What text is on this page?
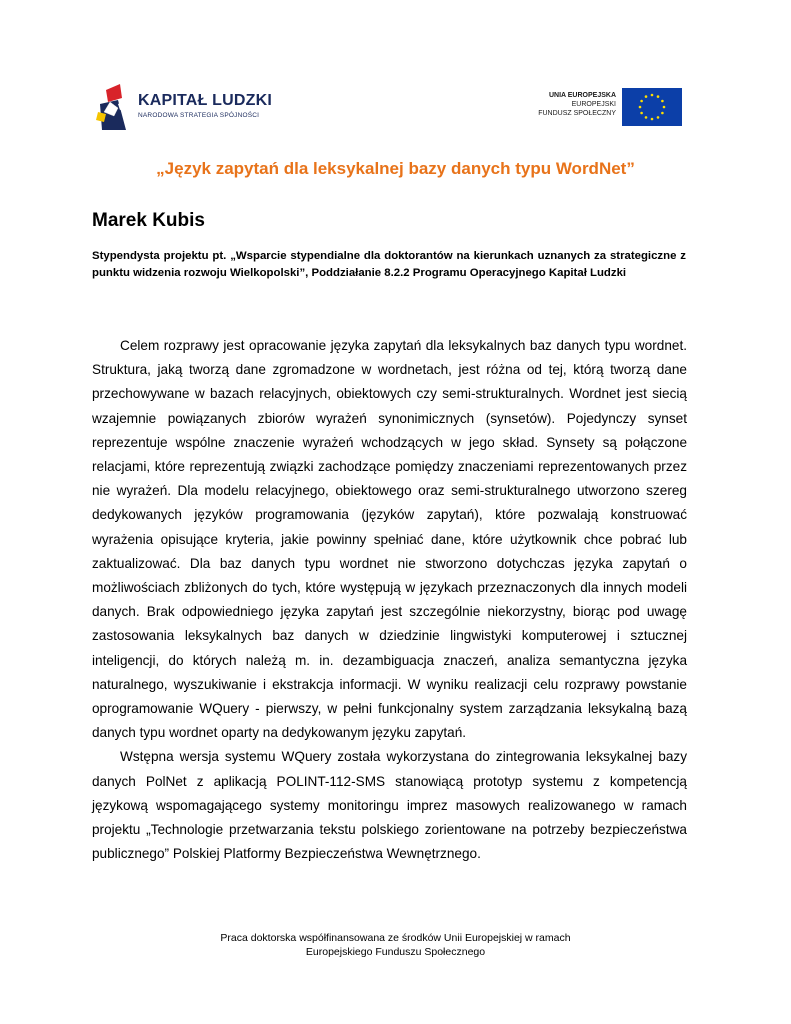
KAPITAŁ LUDZKI
NARODOWA STRATEGIA SPÓJNOŚCI
UNIA EUROPEJSKA
EUROPEJSKI
FUNDUSZ SPOŁECZNY
„Język zapytań dla leksykalnej bazy danych typu WordNet”
Marek Kubis
Stypendysta projektu pt. „Wsparcie stypendialne dla doktorantów na kierunkach uznanych za strategiczne z punktu widzenia rozwoju Wielkopolski”, Poddziałanie 8.2.2 Programu Operacyjnego Kapitał Ludzki

Celem rozprawy jest opracowanie języka zapytań dla leksykalnych baz danych typu wordnet. Struktura, jaką tworzą dane zgromadzone w wordnetach, jest różna od tej, którą tworzą dane przechowywane w bazach relacyjnych, obiektowych czy semi-strukturalnych. Wordnet jest siecią wzajemnie powiązanych zbiorów wyrażeń synonimicznych (synsetów). Pojedynczy synset reprezentuje wspólne znaczenie wyrażeń wchodzących w jego skład. Synsety są połączone relacjami, które reprezentują związki zachodzące pomiędzy znaczeniami reprezentowanych przez nie wyrażeń. Dla modelu relacyjnego, obiektowego oraz semi-strukturalnego utworzono szereg dedykowanych języków programowania (języków zapytań), które pozwalają konstruować wyrażenia opisujące kryteria, jakie powinny spełniać dane, które użytkownik chce pobrać lub zaktualizować. Dla baz danych typu wordnet nie stworzono dotychczas języka zapytań o możliwościach zbliżonych do tych, które występują w językach przeznaczonych dla innych modeli danych. Brak odpowiedniego języka zapytań jest szczególnie niekorzystny, biorąc pod uwagę zastosowania leksykalnych baz danych w dziedzinie lingwistyki komputerowej i sztucznej inteligencji, do których należą m. in. dezambiguacja znaczeń, analiza semantyczna języka naturalnego, wyszukiwanie i ekstrakcja informacji. W wyniku realizacji celu rozprawy powstanie oprogramowanie WQuery - pierwszy, w pełni funkcjonalny system zarządzania leksykalną bazą danych typu wordnet oparty na dedykowanym języku zapytań.

Wstępna wersja systemu WQuery została wykorzystana do zintegrowania leksykalnej bazy danych PolNet z aplikacją POLINT-112-SMS stanowiącą prototyp systemu z kompetencją językową wspomagającego systemy monitoringu imprez masowych realizowanego w ramach projektu „Technologie przetwarzania tekstu polskiego zorientowane na potrzeby bezpieczeństwa publicznego” Polskiej Platformy Bezpieczeństwa Wewnętrznego.

Praca doktorska współfinansowana ze środków Unii Europejskiej w ramach
Europejskiego Funduszu Społecznego
